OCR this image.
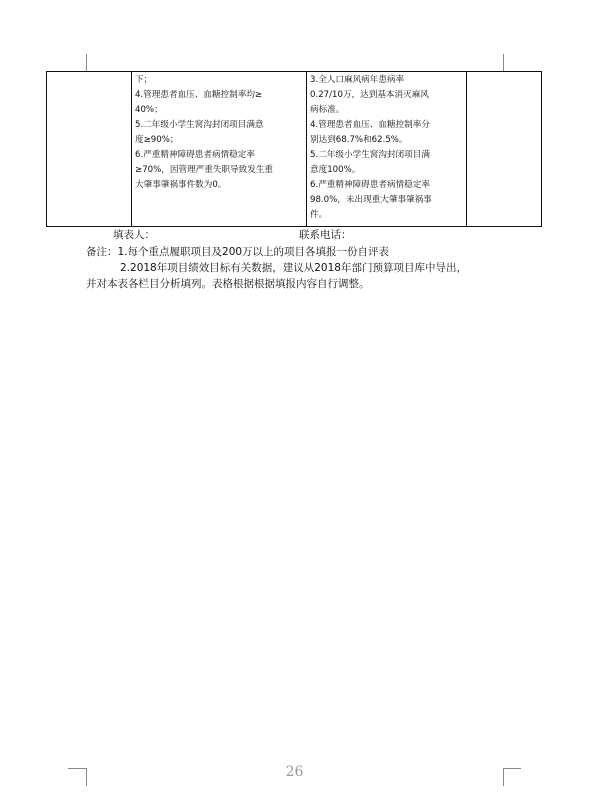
下；
4.管理患者血压、血糖控制率均≥
40%；
5.二年级小学生窝沟封闭项目满意
度≥90%；
6.严重精神障碍患者病情稳定率
≥70%，因管理严重失职导致发生重
大肇事肇祸事件数为0。
3.全人口麻风病年患病率
0.27/10万，达到基本消灭麻风
病标准。
4.管理患者血压、血糖控制率分
别达到68.7%和62.5%。
5.二年级小学生窝沟封闭项目满
意度100%。
6.严重精神障碍患者病情稳定率
98.0%，未出现重大肇事肇祸事
件。
填表人：	联系电话：
备注：1.每个重点履职项目及200万以上的项目各填报一份自评表
2.2018年项目绩效目标有关数据，建议从2018年部门预算项目库中导出，
并对本表各栏目分析填列。表格根据根据填报内容自行调整。
26
